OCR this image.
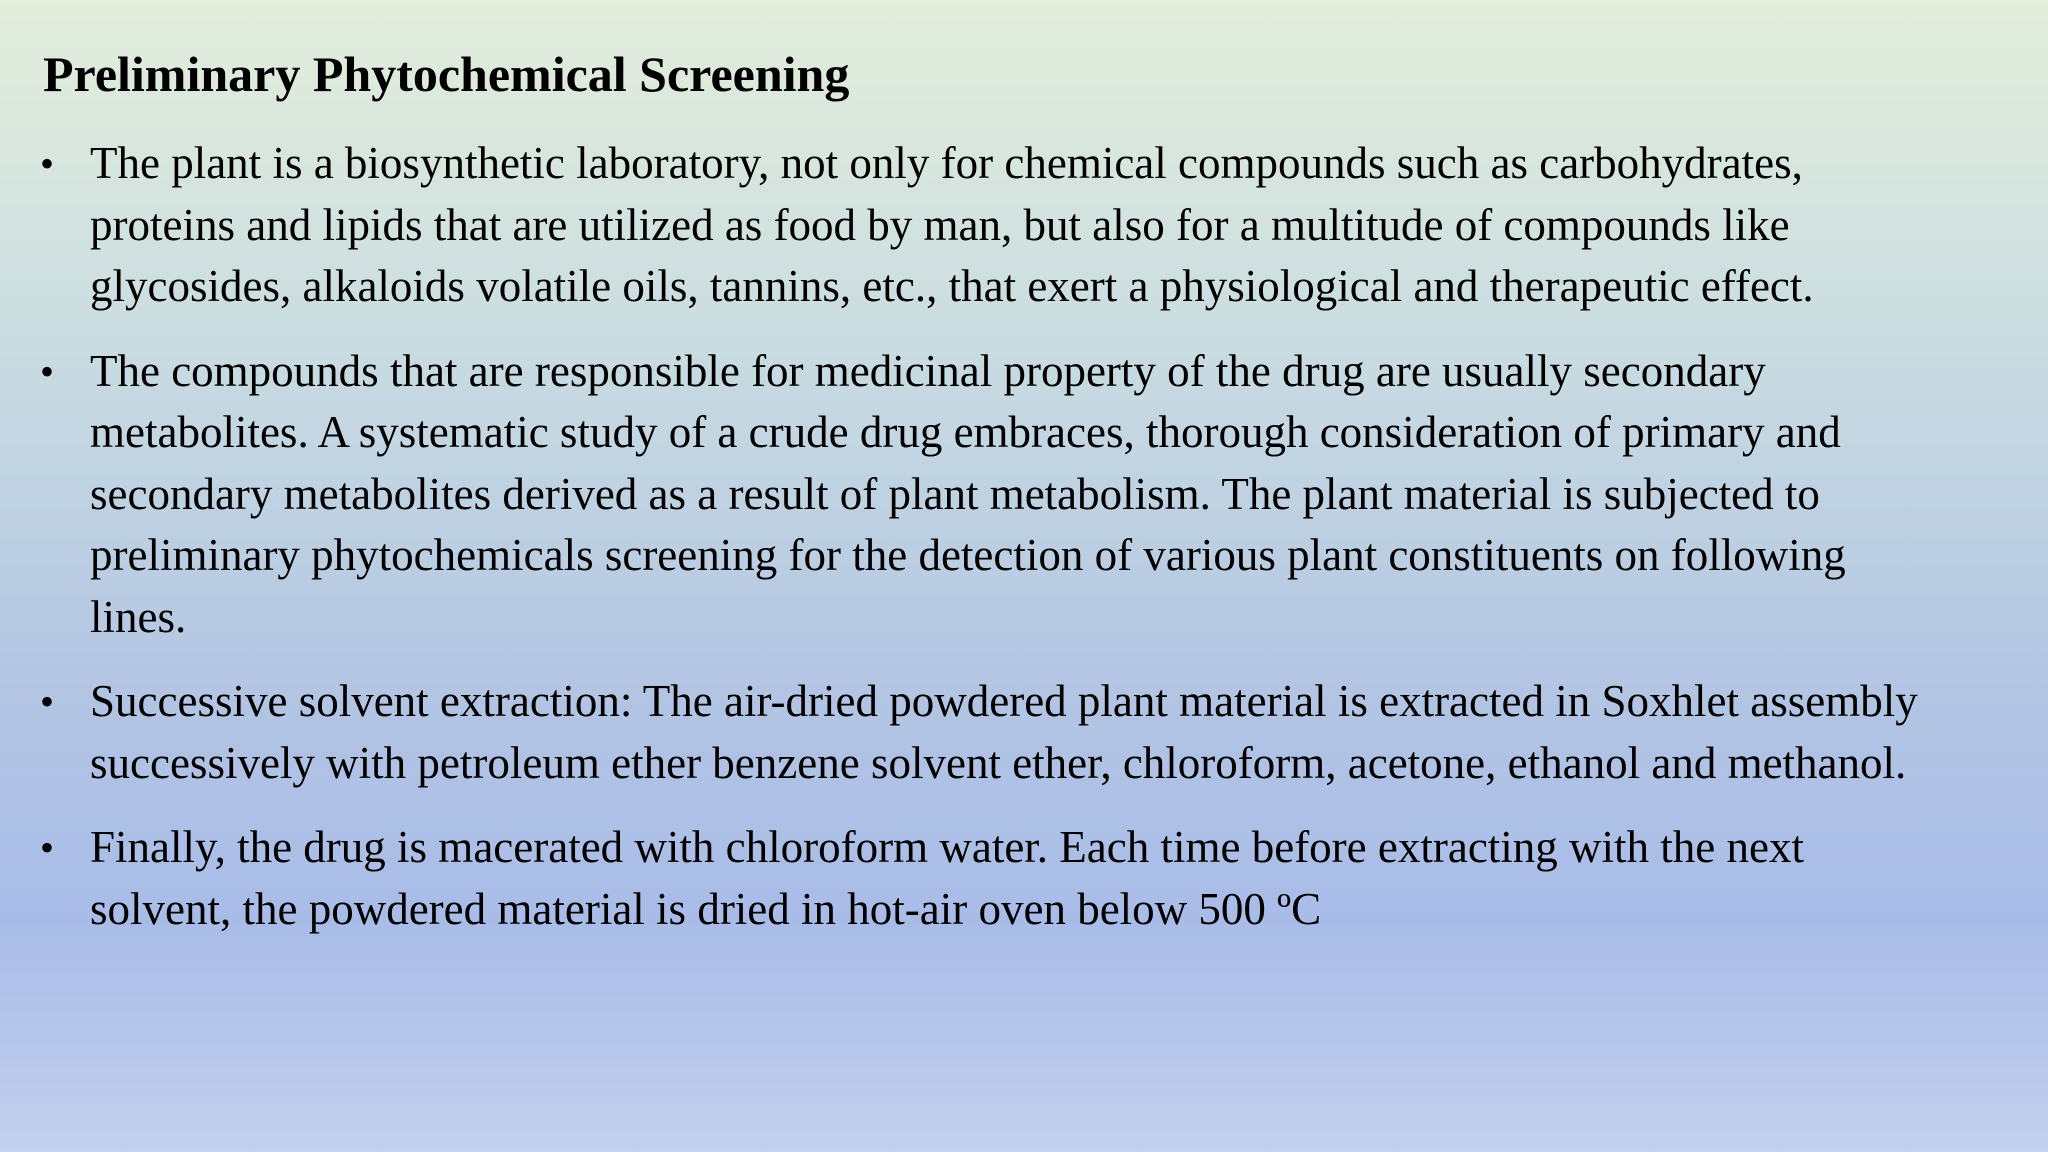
Preliminary Phytochemical Screening
• The plant is a biosynthetic laboratory, not only for chemical compounds such as carbohydrates, proteins and lipids that are utilized as food by man, but also for a multitude of compounds like glycosides, alkaloids volatile oils, tannins, etc., that exert a physiological and therapeutic effect.
• The compounds that are responsible for medicinal property of the drug are usually secondary metabolites. A systematic study of a crude drug embraces, thorough consideration of primary and secondary metabolites derived as a result of plant metabolism. The plant material is subjected to preliminary phytochemicals screening for the detection of various plant constituents on following lines.
• Successive solvent extraction: The air-dried powdered plant material is extracted in Soxhlet assembly successively with petroleum ether benzene solvent ether, chloroform, acetone, ethanol and methanol.
• Finally, the drug is macerated with chloroform water. Each time before extracting with the next solvent, the powdered material is dried in hot-air oven below 500 ºC
